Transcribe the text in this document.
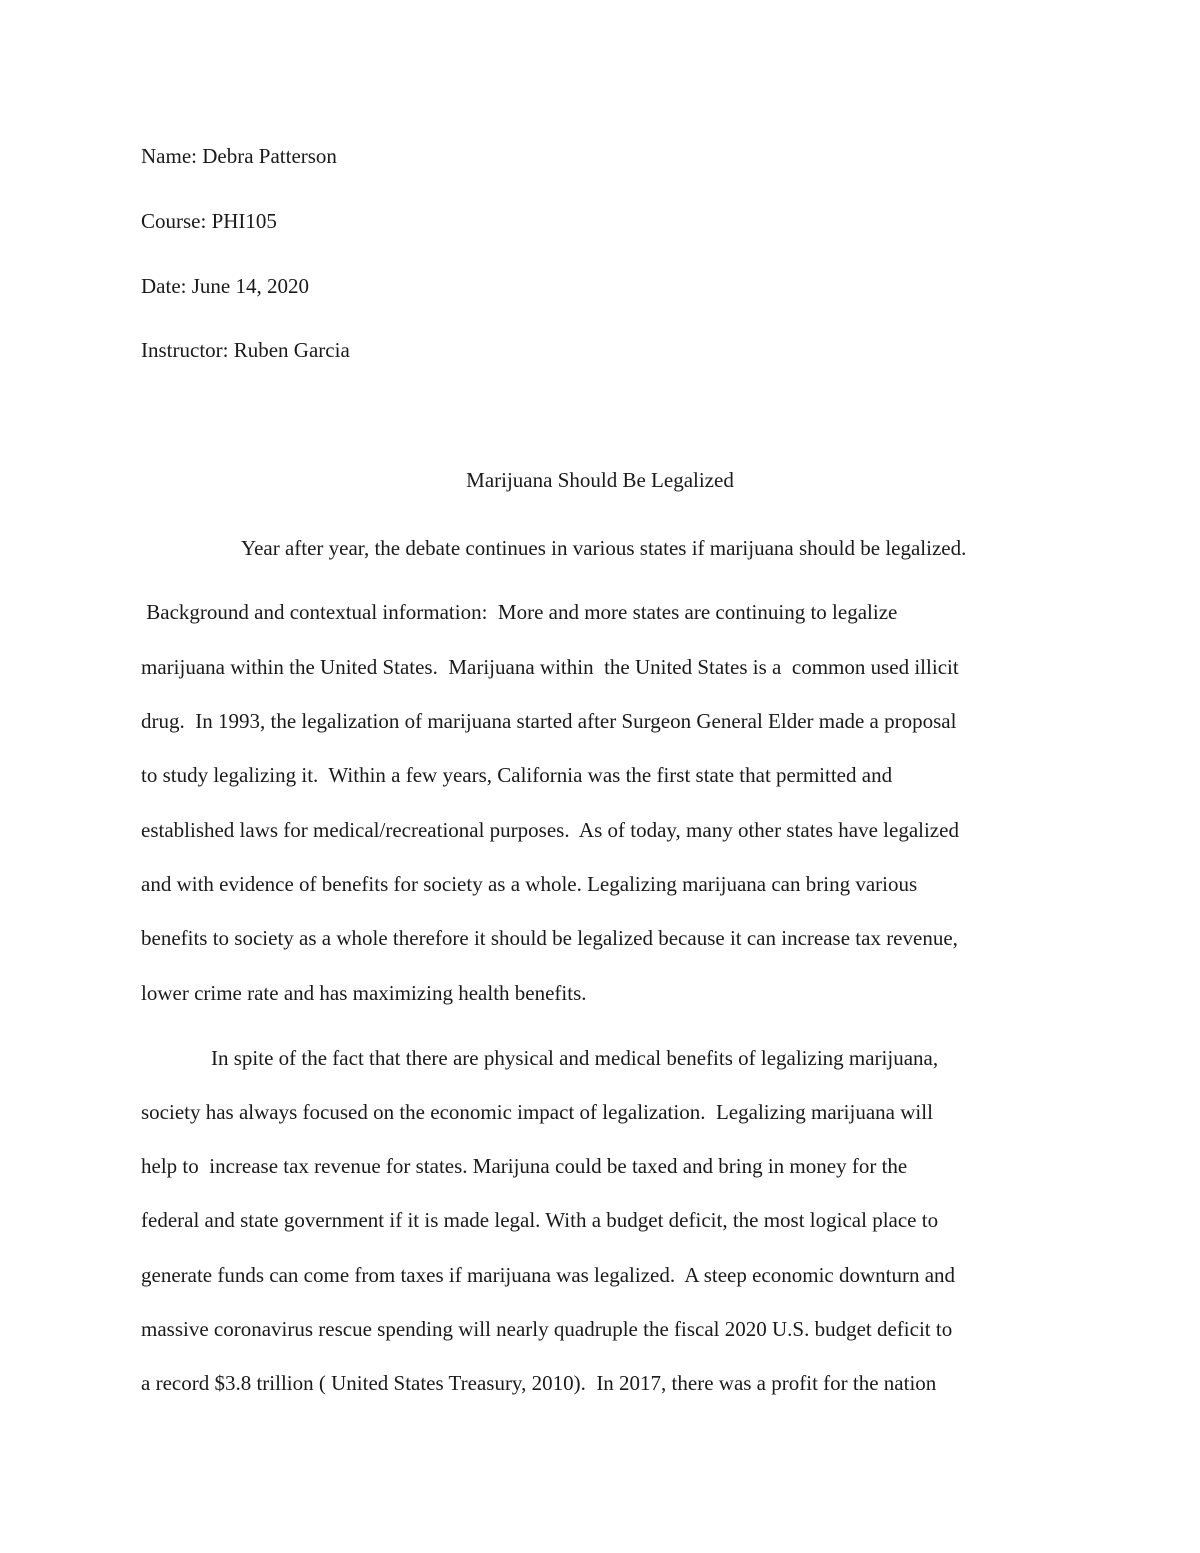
Name: Debra Patterson
Course: PHI105
Date: June 14, 2020
Instructor: Ruben Garcia
Marijuana Should Be Legalized
Year after year, the debate continues in various states if marijuana should be legalized.
Background and contextual information:  More and more states are continuing to legalize
marijuana within the United States.  Marijuana within  the United States is a  common used illicit
drug.  In 1993, the legalization of marijuana started after Surgeon General Elder made a proposal
to study legalizing it.  Within a few years, California was the first state that permitted and
established laws for medical/recreational purposes.  As of today, many other states have legalized
and with evidence of benefits for society as a whole. Legalizing marijuana can bring various
benefits to society as a whole therefore it should be legalized because it can increase tax revenue,
lower crime rate and has maximizing health benefits.
In spite of the fact that there are physical and medical benefits of legalizing marijuana,
society has always focused on the economic impact of legalization.  Legalizing marijuana will
help to  increase tax revenue for states. Marijuna could be taxed and bring in money for the
federal and state government if it is made legal. With a budget deficit, the most logical place to
generate funds can come from taxes if marijuana was legalized.  A steep economic downturn and
massive coronavirus rescue spending will nearly quadruple the fiscal 2020 U.S. budget deficit to
a record $3.8 trillion ( United States Treasury, 2010).  In 2017, there was a profit for the nation
